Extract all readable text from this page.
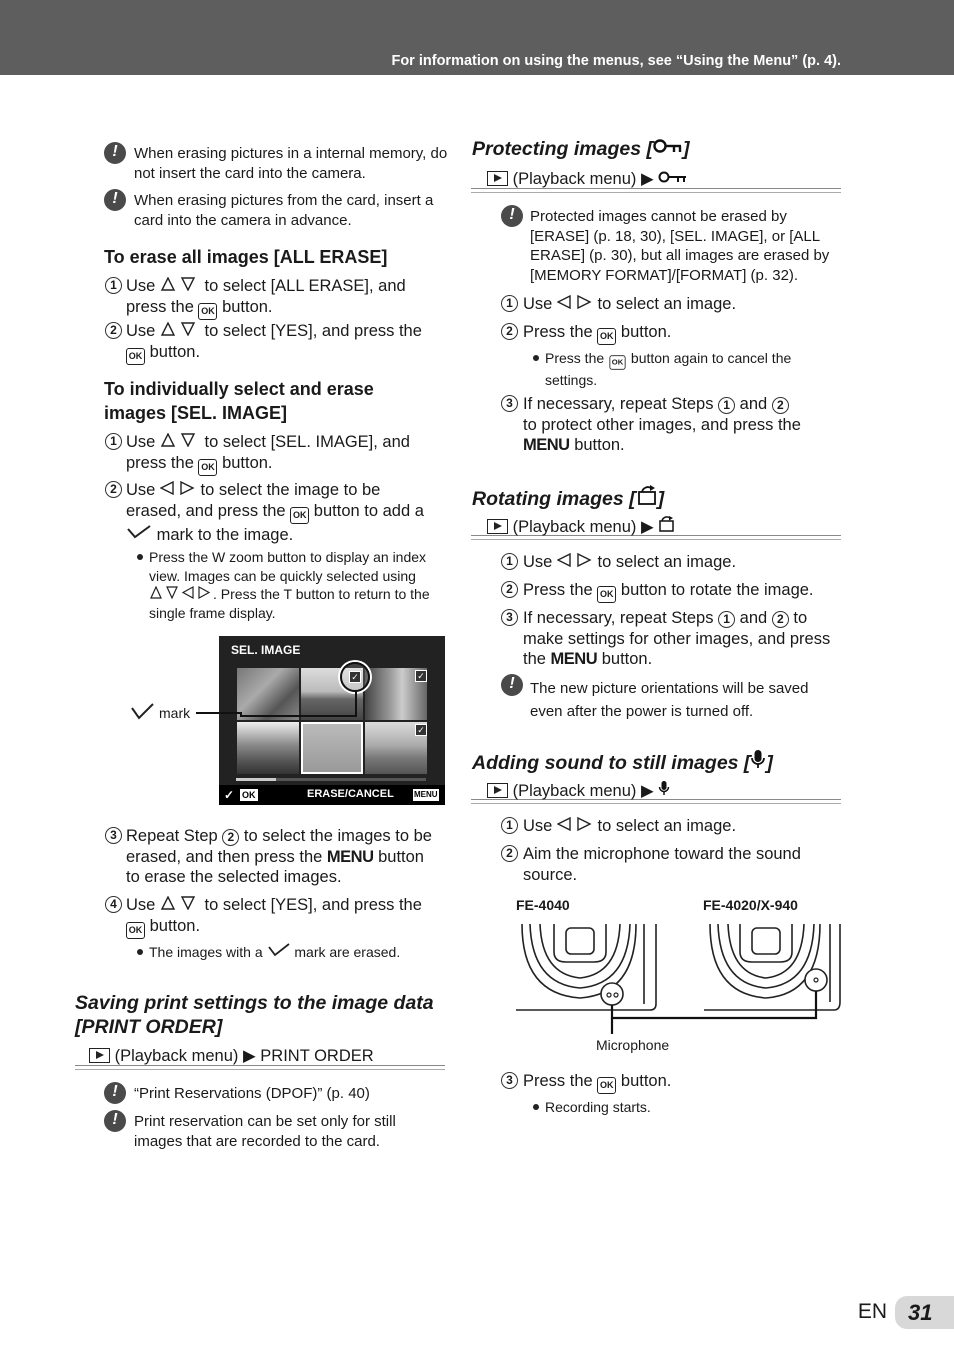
For information on using the menus, see “Using the Menu” (p. 4).
!
When erasing pictures in a internal memory, do not insert the card into the camera.
!
When erasing pictures from the card, insert a card into the camera in advance.
To erase all images [ALL ERASE]
1 Use	to select [ALL ERASE], and
press the OK button.
2 Use	to select [YES], and press the
OK button.
To individually select and erase
images [SEL. IMAGE]
1 Use	to select [SEL. IMAGE], and
press the OK button.
2 Use	to select the image to be
erased, and press the OK button to add a
mark to the image.
Press the W zoom button to display an index
view. Images can be quickly selected using
. Press the T button to return to the
single frame display.
SEL. IMAGE
✓
✓
✓
✓ OK	ERASE/CANCEL	MENU
mark
3 Repeat Step 2 to select the images to be
erased, and then press the MENU button
to erase the selected images.
4 Use	to select [YES], and press the
OK button.
The images with a mark are erased.
Saving print settings to the image data
[PRINT ORDER]
(Playback menu) ▶ PRINT ORDER
!
“Print Reservations (DPOF)” (p. 40)
!
Print reservation can be set only for still images that are recorded to the card.
Protecting images [ ]
(Playback menu) ▶
!
Protected images cannot be erased by [ERASE] (p. 18, 30), [SEL. IMAGE], or [ALL ERASE] (p. 30), but all images are erased by [MEMORY FORMAT]/[FORMAT] (p. 32).
1 Use	to select an image.
2 Press the OK button.
Press the OK button again to cancel the
settings.
3 If necessary, repeat Steps 1 and 2
to protect other images, and press the
MENU button.
Rotating images [ ]
(Playback menu) ▶
1 Use	to select an image.
2 Press the OK button to rotate the image.
3 If necessary, repeat Steps 1 and 2 to
make settings for other images, and press
the MENU button.
!
The new picture orientations will be saved even after the power is turned off.
Adding sound to still images [ ]
(Playback menu) ▶
1 Use	to select an image.
2 Aim the microphone toward the sound source.
FE-4040	FE-4020/X-940
Microphone
3 Press the OK button.
Recording starts.
EN 31
